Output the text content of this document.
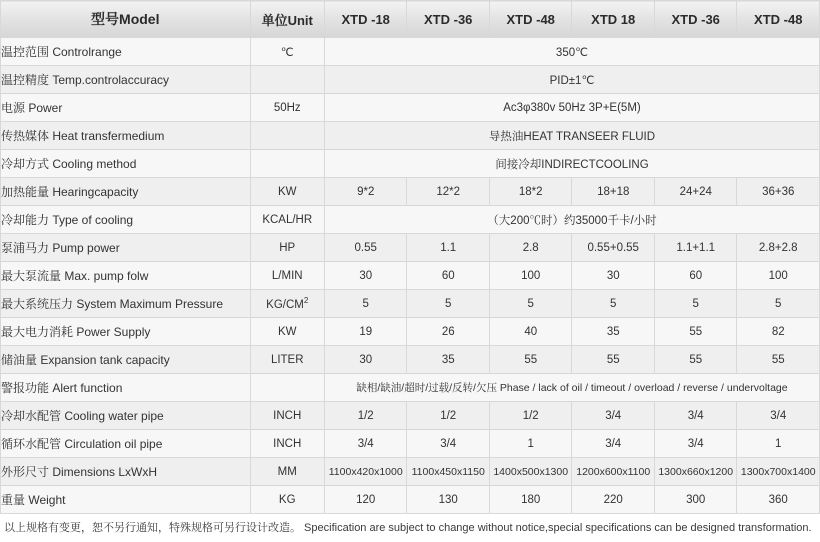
型号Model	单位Unit	XTD -18	XTD -36	XTD -48	XTD 18	XTD -36	XTD -48
温控范围 Controlrange	℃	350℃					
温控精度 Temp.controlaccuracy		PID±1℃					
电源 Power	50Hz	Ac3φ380v 50Hz 3P+E(5M)					
传热媒体 Heat transfermedium		导热油HEAT TRANSEER FLUID					
冷却方式 Cooling method		间接冷却INDIRECTCOOLING					
加热能量 Hearingcapacity	KW	9*2	12*2	18*2	18+18	24+24	36+36
冷却能力 Type of cooling	KCAL/HR	（大200℃时）约35000千卡/小时					
泵浦马力 Pump power	HP	0.55	1.1	2.8	0.55+0.55	1.1+1.1	2.8+2.8
最大泵流量 Max. pump folw	L/MIN	30	60	100	30	60	100
最大系统压力 System Maximum Pressure	$KG/CM^2$	5	5	5	5	5	5
最大电力消耗 Power Supply	KW	19	26	40	35	55	82
储油量 Expansion tank capacity	LITER	30	35	55	55	55	55
警报功能 Alert function		缺相/缺油/超时/过载/反转/欠压 Phase / lack of oil / timeout / overload / reverse / undervoltage					
冷却水配管 Cooling water pipe	INCH	1/2	1/2	1/2	3/4	3/4	3/4
循环水配管 Circulation oil pipe	INCH	3/4	3/4	1	3/4	3/4	1
外形尺寸 Dimensions LxWxH	MM	1100x420x1000	1100x450x1150	1400x500x1300	1200x600x1100	1300x660x1200	1300x700x1400
重量 Weight	KG	120	130	180	220	300	360
以上规格有变更，恕不另行通知，特殊规格可另行设计改造。 Specification are subject to change without notice,special specifications can be designed transformation.
